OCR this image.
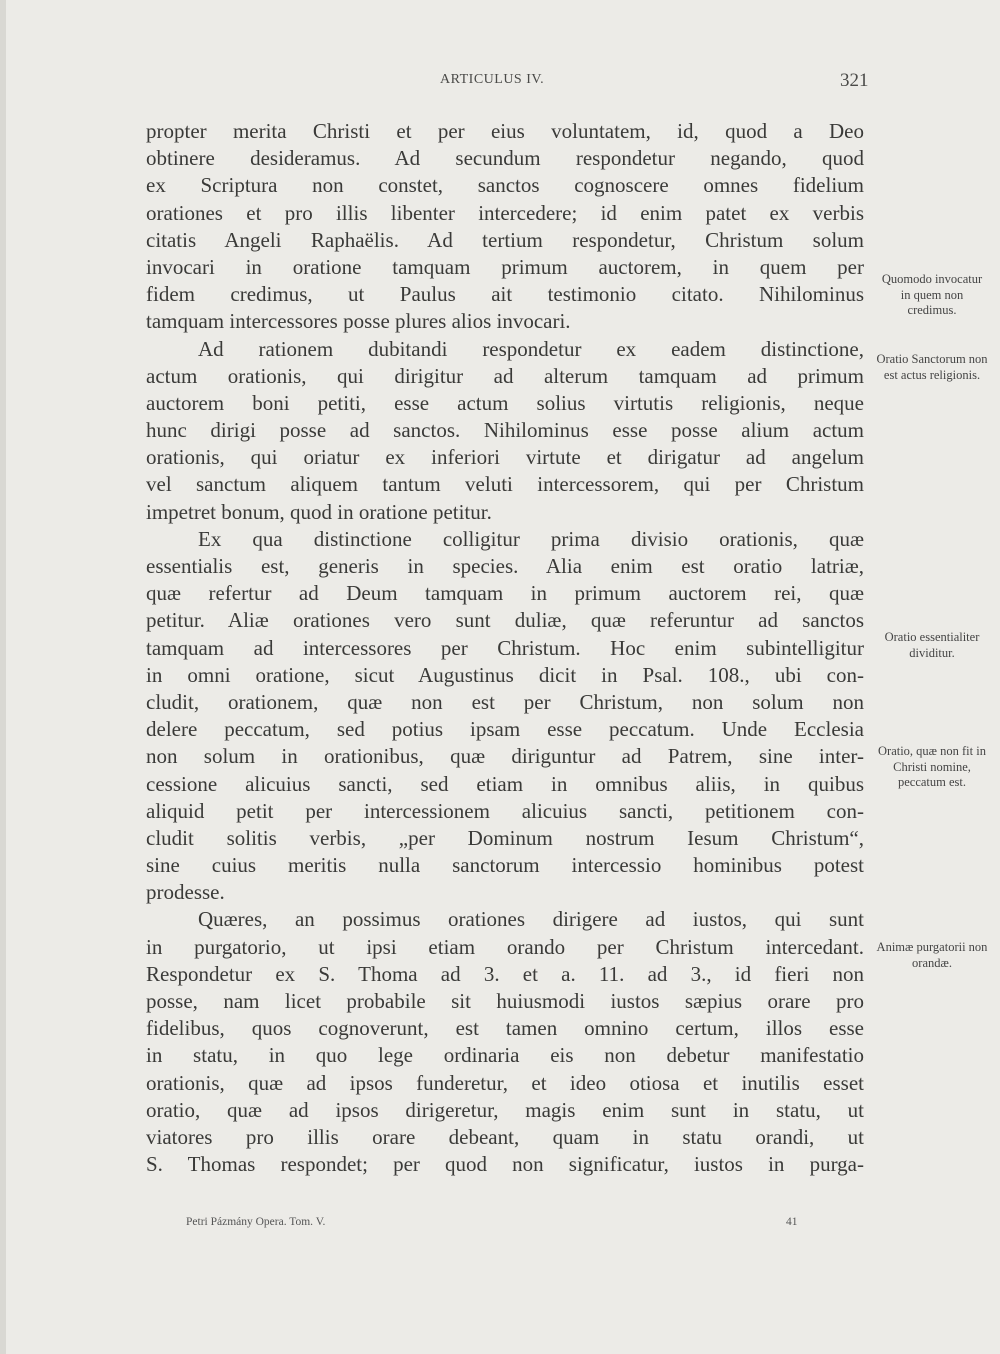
ARTICULUS IV.	321
propter merita Christi et per eius voluntatem, id, quod a Deo
obtinere desideramus. Ad secundum respondetur negando, quod
ex Scriptura non constet, sanctos cognoscere omnes fidelium
orationes et pro illis libenter intercedere; id enim patet ex verbis
citatis Angeli Raphaëlis. Ad tertium respondetur, Christum solum
invocari in oratione tamquam primum auctorem, in quem per
fidem credimus, ut Paulus ait testimonio citato. Nihilominus
tamquam intercessores posse plures alios invocari.
Ad rationem dubitandi respondetur ex eadem distinctione,
actum orationis, qui dirigitur ad alterum tamquam ad primum
auctorem boni petiti, esse actum solius virtutis religionis, neque
hunc dirigi posse ad sanctos. Nihilominus esse posse alium actum
orationis, qui oriatur ex inferiori virtute et dirigatur ad angelum
vel sanctum aliquem tantum veluti intercessorem, qui per Christum
impetret bonum, quod in oratione petitur.
Ex qua distinctione colligitur prima divisio orationis, quæ
essentialis est, generis in species. Alia enim est oratio latriæ,
quæ refertur ad Deum tamquam in primum auctorem rei, quæ
petitur. Aliæ orationes vero sunt duliæ, quæ referuntur ad sanctos
tamquam ad intercessores per Christum. Hoc enim subintelligitur
in omni oratione, sicut Augustinus dicit in Psal. 108., ubi con-
cludit, orationem, quæ non est per Christum, non solum non
delere peccatum, sed potius ipsam esse peccatum. Unde Ecclesia
non solum in orationibus, quæ diriguntur ad Patrem, sine inter-
cessione alicuius sancti, sed etiam in omnibus aliis, in quibus
aliquid petit per intercessionem alicuius sancti, petitionem con-
cludit solitis verbis, „per Dominum nostrum Iesum Christum“,
sine cuius meritis nulla sanctorum intercessio hominibus potest
prodesse.
Quæres, an possimus orationes dirigere ad iustos, qui sunt
in purgatorio, ut ipsi etiam orando per Christum intercedant.
Respondetur ex S. Thoma ad 3. et a. 11. ad 3., id fieri non
posse, nam licet probabile sit huiusmodi iustos sæpius orare pro
fidelibus, quos cognoverunt, est tamen omnino certum, illos esse
in statu, in quo lege ordinaria eis non debetur manifestatio
orationis, quæ ad ipsos funderetur, et ideo otiosa et inutilis esset
oratio, quæ ad ipsos dirigeretur, magis enim sunt in statu, ut
viatores pro illis orare debeant, quam in statu orandi, ut
S. Thomas respondet; per quod non significatur, iustos in purga-
Quomodo invocatur in quem non credimus.
Oratio Sanctorum non est actus religionis.
Oratio essentialiter dividitur.
Oratio, quæ non fit in Christi nomine, peccatum est.
Animæ purgatorii non orandæ.
Petri Pázmány Opera. Tom. V.	41
